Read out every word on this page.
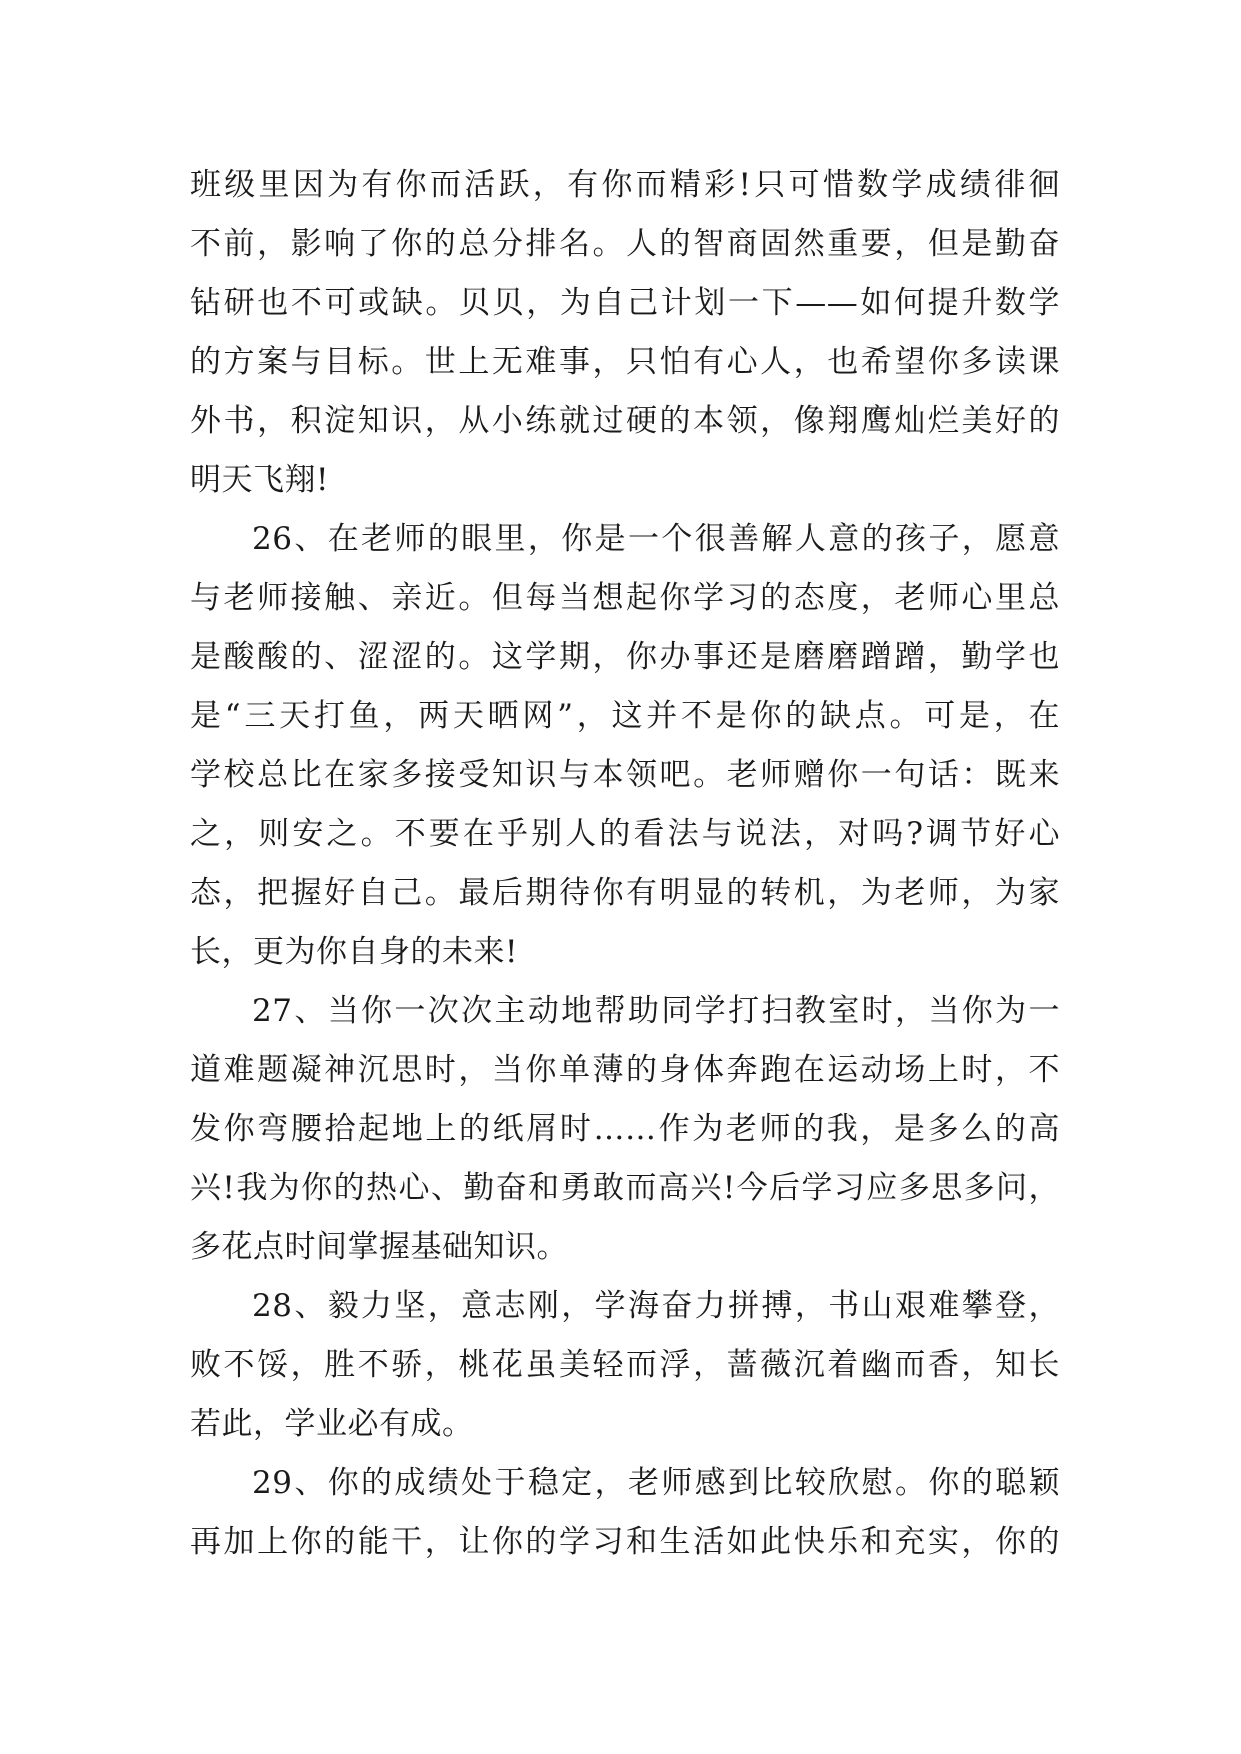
班级里因为有你而活跃，有你而精彩!只可惜数学成绩徘徊
不前，影响了你的总分排名。人的智商固然重要，但是勤奋
钻研也不可或缺。贝贝，为自己计划一下——如何提升数学
的方案与目标。世上无难事，只怕有心人，也希望你多读课
外书，积淀知识，从小练就过硬的本领，像翔鹰灿烂美好的
明天飞翔!
26、在老师的眼里，你是一个很善解人意的孩子，愿意
与老师接触、亲近。但每当想起你学习的态度，老师心里总
是酸酸的、涩涩的。这学期，你办事还是磨磨蹭蹭，勤学也
是“三天打鱼，两天晒网”，这并不是你的缺点。可是，在
学校总比在家多接受知识与本领吧。老师赠你一句话：既来
之，则安之。不要在乎别人的看法与说法，对吗?调节好心
态，把握好自己。最后期待你有明显的转机，为老师，为家
长，更为你自身的未来!
27、当你一次次主动地帮助同学打扫教室时，当你为一
道难题凝神沉思时，当你单薄的身体奔跑在运动场上时，不
发你弯腰拾起地上的纸屑时……作为老师的我，是多么的高
兴!我为你的热心、勤奋和勇敢而高兴!今后学习应多思多问，
多花点时间掌握基础知识。
28、毅力坚，意志刚，学海奋力拼搏，书山艰难攀登，
败不馁，胜不骄，桃花虽美轻而浮，蔷薇沉着幽而香，知长
若此，学业必有成。
29、你的成绩处于稳定，老师感到比较欣慰。你的聪颖
再加上你的能干，让你的学习和生活如此快乐和充实，你的
